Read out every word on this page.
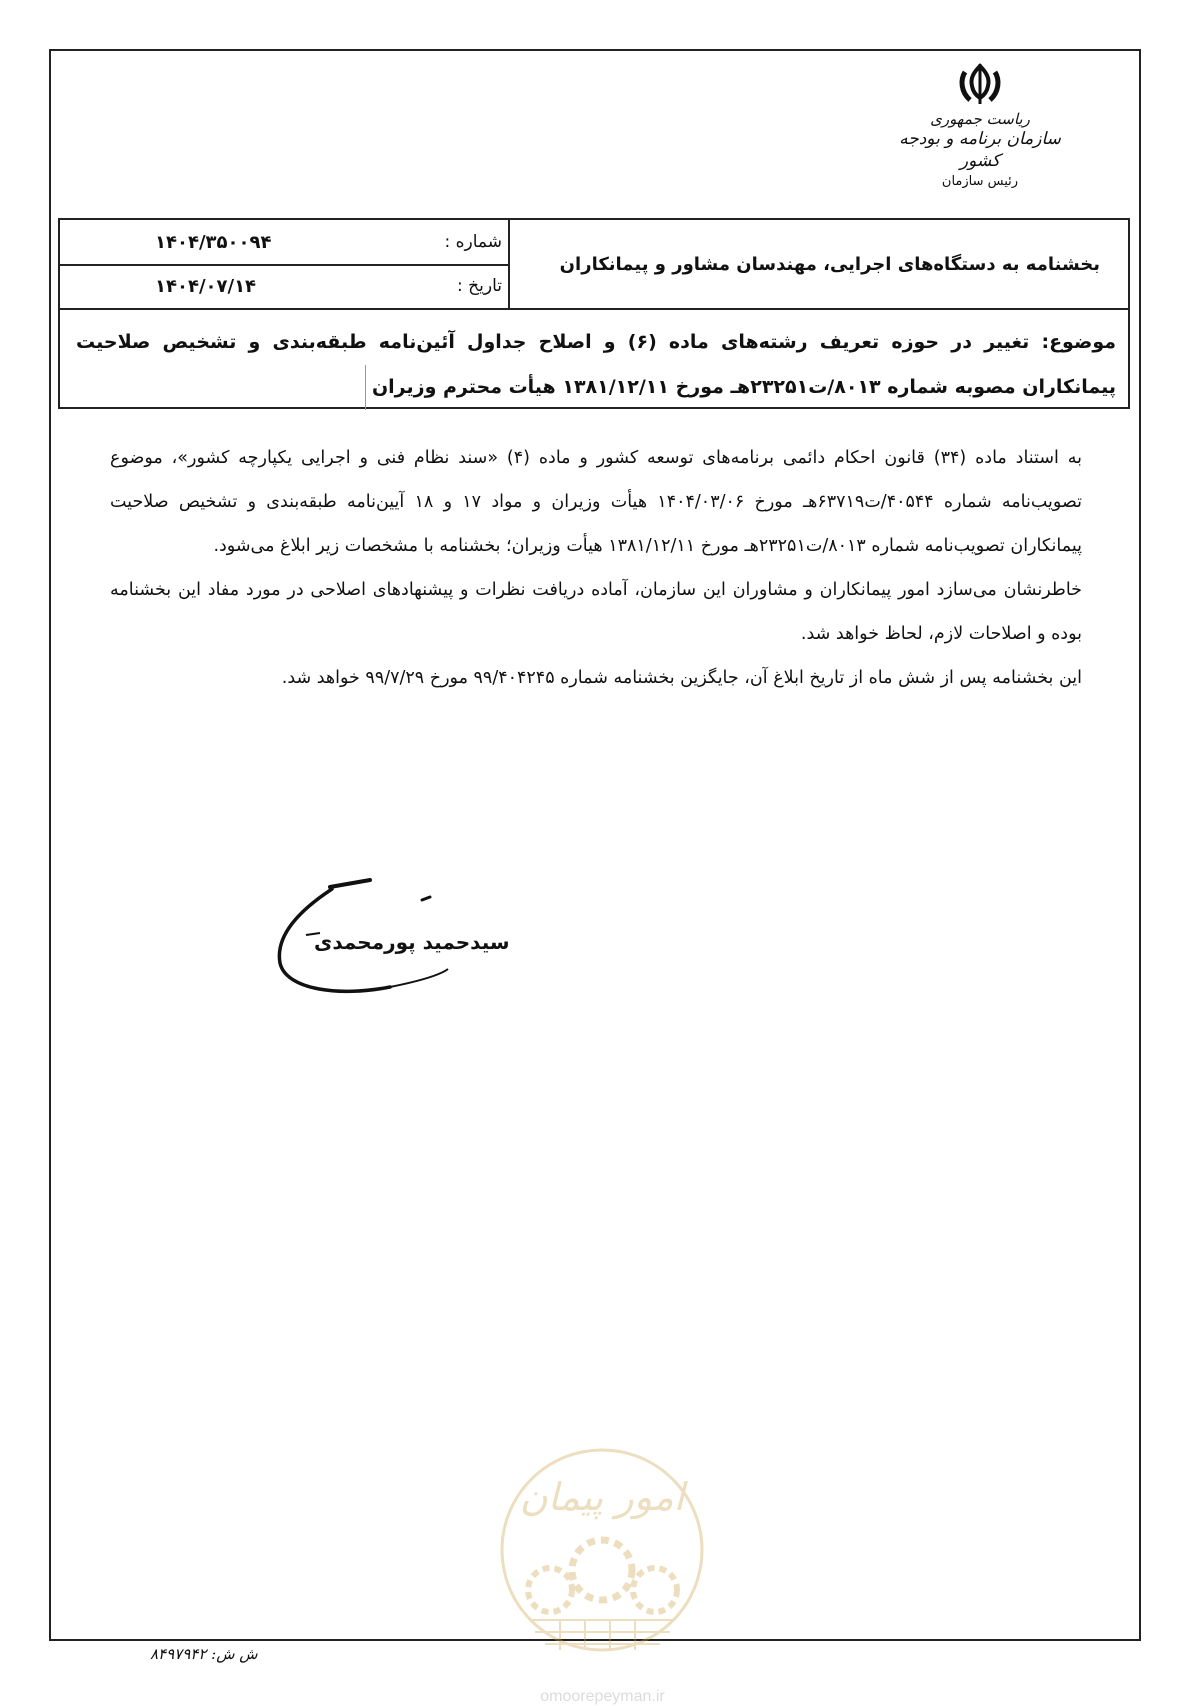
ریاست جمهوری
سازمان برنامه و بودجه کشور
رئیس سازمان
بخشنامه به دستگاه‌های اجرایی، مهندسان مشاور و پیمانکاران
شماره :
۱۴۰۴/۳۵۰۰۹۴
تاریخ :
۱۴۰۴/۰۷/۱۴
موضوع: تغییر در حوزه تعریف رشته‌های ماده (۶) و اصلاح جداول آئین‌نامه طبقه‌بندی و تشخیص صلاحیت
پیمانکاران مصوبه شماره ۸۰۱۳/ت۲۳۲۵۱هـ مورخ ۱۳۸۱/۱۲/۱۱ هیأت محترم وزیران

به استناد ماده (۳۴) قانون احکام دائمی برنامه‌های توسعه کشور و ماده (۴) «سند نظام فنی و اجرایی یکپارچه کشور»، موضوع تصویب‌نامه شماره ۴۰۵۴۴/ت۶۳۷۱۹هـ مورخ ۱۴۰۴/۰۳/۰۶ هیأت وزیران و مواد ۱۷ و ۱۸ آیین‌نامه طبقه‌بندی و تشخیص صلاحیت پیمانکاران تصویب‌نامه شماره ۸۰۱۳/ت۲۳۲۵۱هـ مورخ ۱۳۸۱/۱۲/۱۱ هیأت وزیران؛ بخشنامه با مشخصات زیر ابلاغ می‌شود.

خاطرنشان می‌سازد امور پیمانکاران و مشاوران این سازمان، آماده دریافت نظرات و پیشنهادهای اصلاحی در مورد مفاد این بخشنامه بوده و اصلاحات لازم، لحاظ خواهد شد.

این بخشنامه پس از شش ماه از تاریخ ابلاغ آن، جایگزین بخشنامه شماره ۹۹/۴۰۴۲۴۵ مورخ ۹۹/۷/۲۹ خواهد شد.

سیدحمید پورمحمدی
امور پیمان
omoorepeyman.ir
ش ش: ۸۴۹۷۹۴۲
